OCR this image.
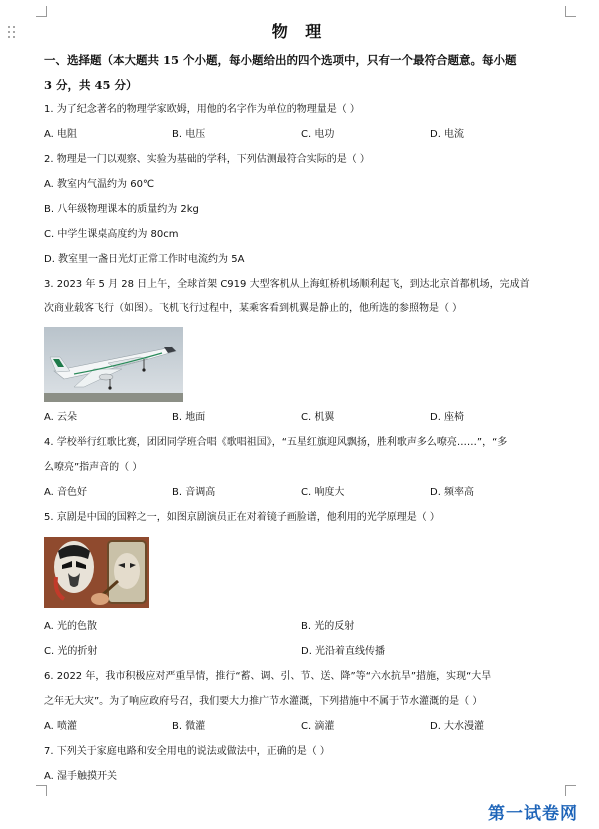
物 理
一、选择题（本大题共 15 个小题，每小题给出的四个选项中，只有一个最符合题意。每小题
3 分，共 45 分）
1. 为了纪念著名的物理学家欧姆，用他的名字作为单位的物理量是（ ）
A. 电阻	B. 电压	C. 电功	D. 电流
2. 物理是一门以观察、实验为基础的学科，下列估测最符合实际的是（ ）
A. 教室内气温约为 60℃
B. 八年级物理课本的质量约为 2kg
C. 中学生课桌高度约为 80cm
D. 教室里一盏日光灯正常工作时电流约为 5A
3. 2023 年 5 月 28 日上午，全球首架 C919 大型客机从上海虹桥机场顺利起飞，到达北京首都机场，完成首
次商业载客飞行（如图）。飞机飞行过程中，某乘客看到机翼是静止的，他所选的参照物是（ ）
A. 云朵	B. 地面	C. 机翼	D. 座椅
4. 学校举行红歌比赛，团团同学班合唱《歌唱祖国》，“五星红旗迎风飘扬，胜利歌声多么嘹亮……”，“多
么嘹亮”指声音的（ ）
A. 音色好	B. 音调高	C. 响度大	D. 频率高
5. 京剧是中国的国粹之一，如图京剧演员正在对着镜子画脸谱，他利用的光学原理是（ ）
A. 光的色散	B. 光的反射
C. 光的折射	D. 光沿着直线传播
6. 2022 年，我市积极应对严重旱情，推行“蓄、调、引、节、送、降”等“六水抗旱”措施，实现“大旱
之年无大灾”。为了响应政府号召，我们要大力推广节水灌溉，下列措施中不属于节水灌溉的是（ ）
A. 喷灌	B. 微灌	C. 滴灌	D. 大水漫灌
7. 下列关于家庭电路和安全用电的说法或做法中，正确的是（ ）
A. 湿手触摸开关
第一试卷网
